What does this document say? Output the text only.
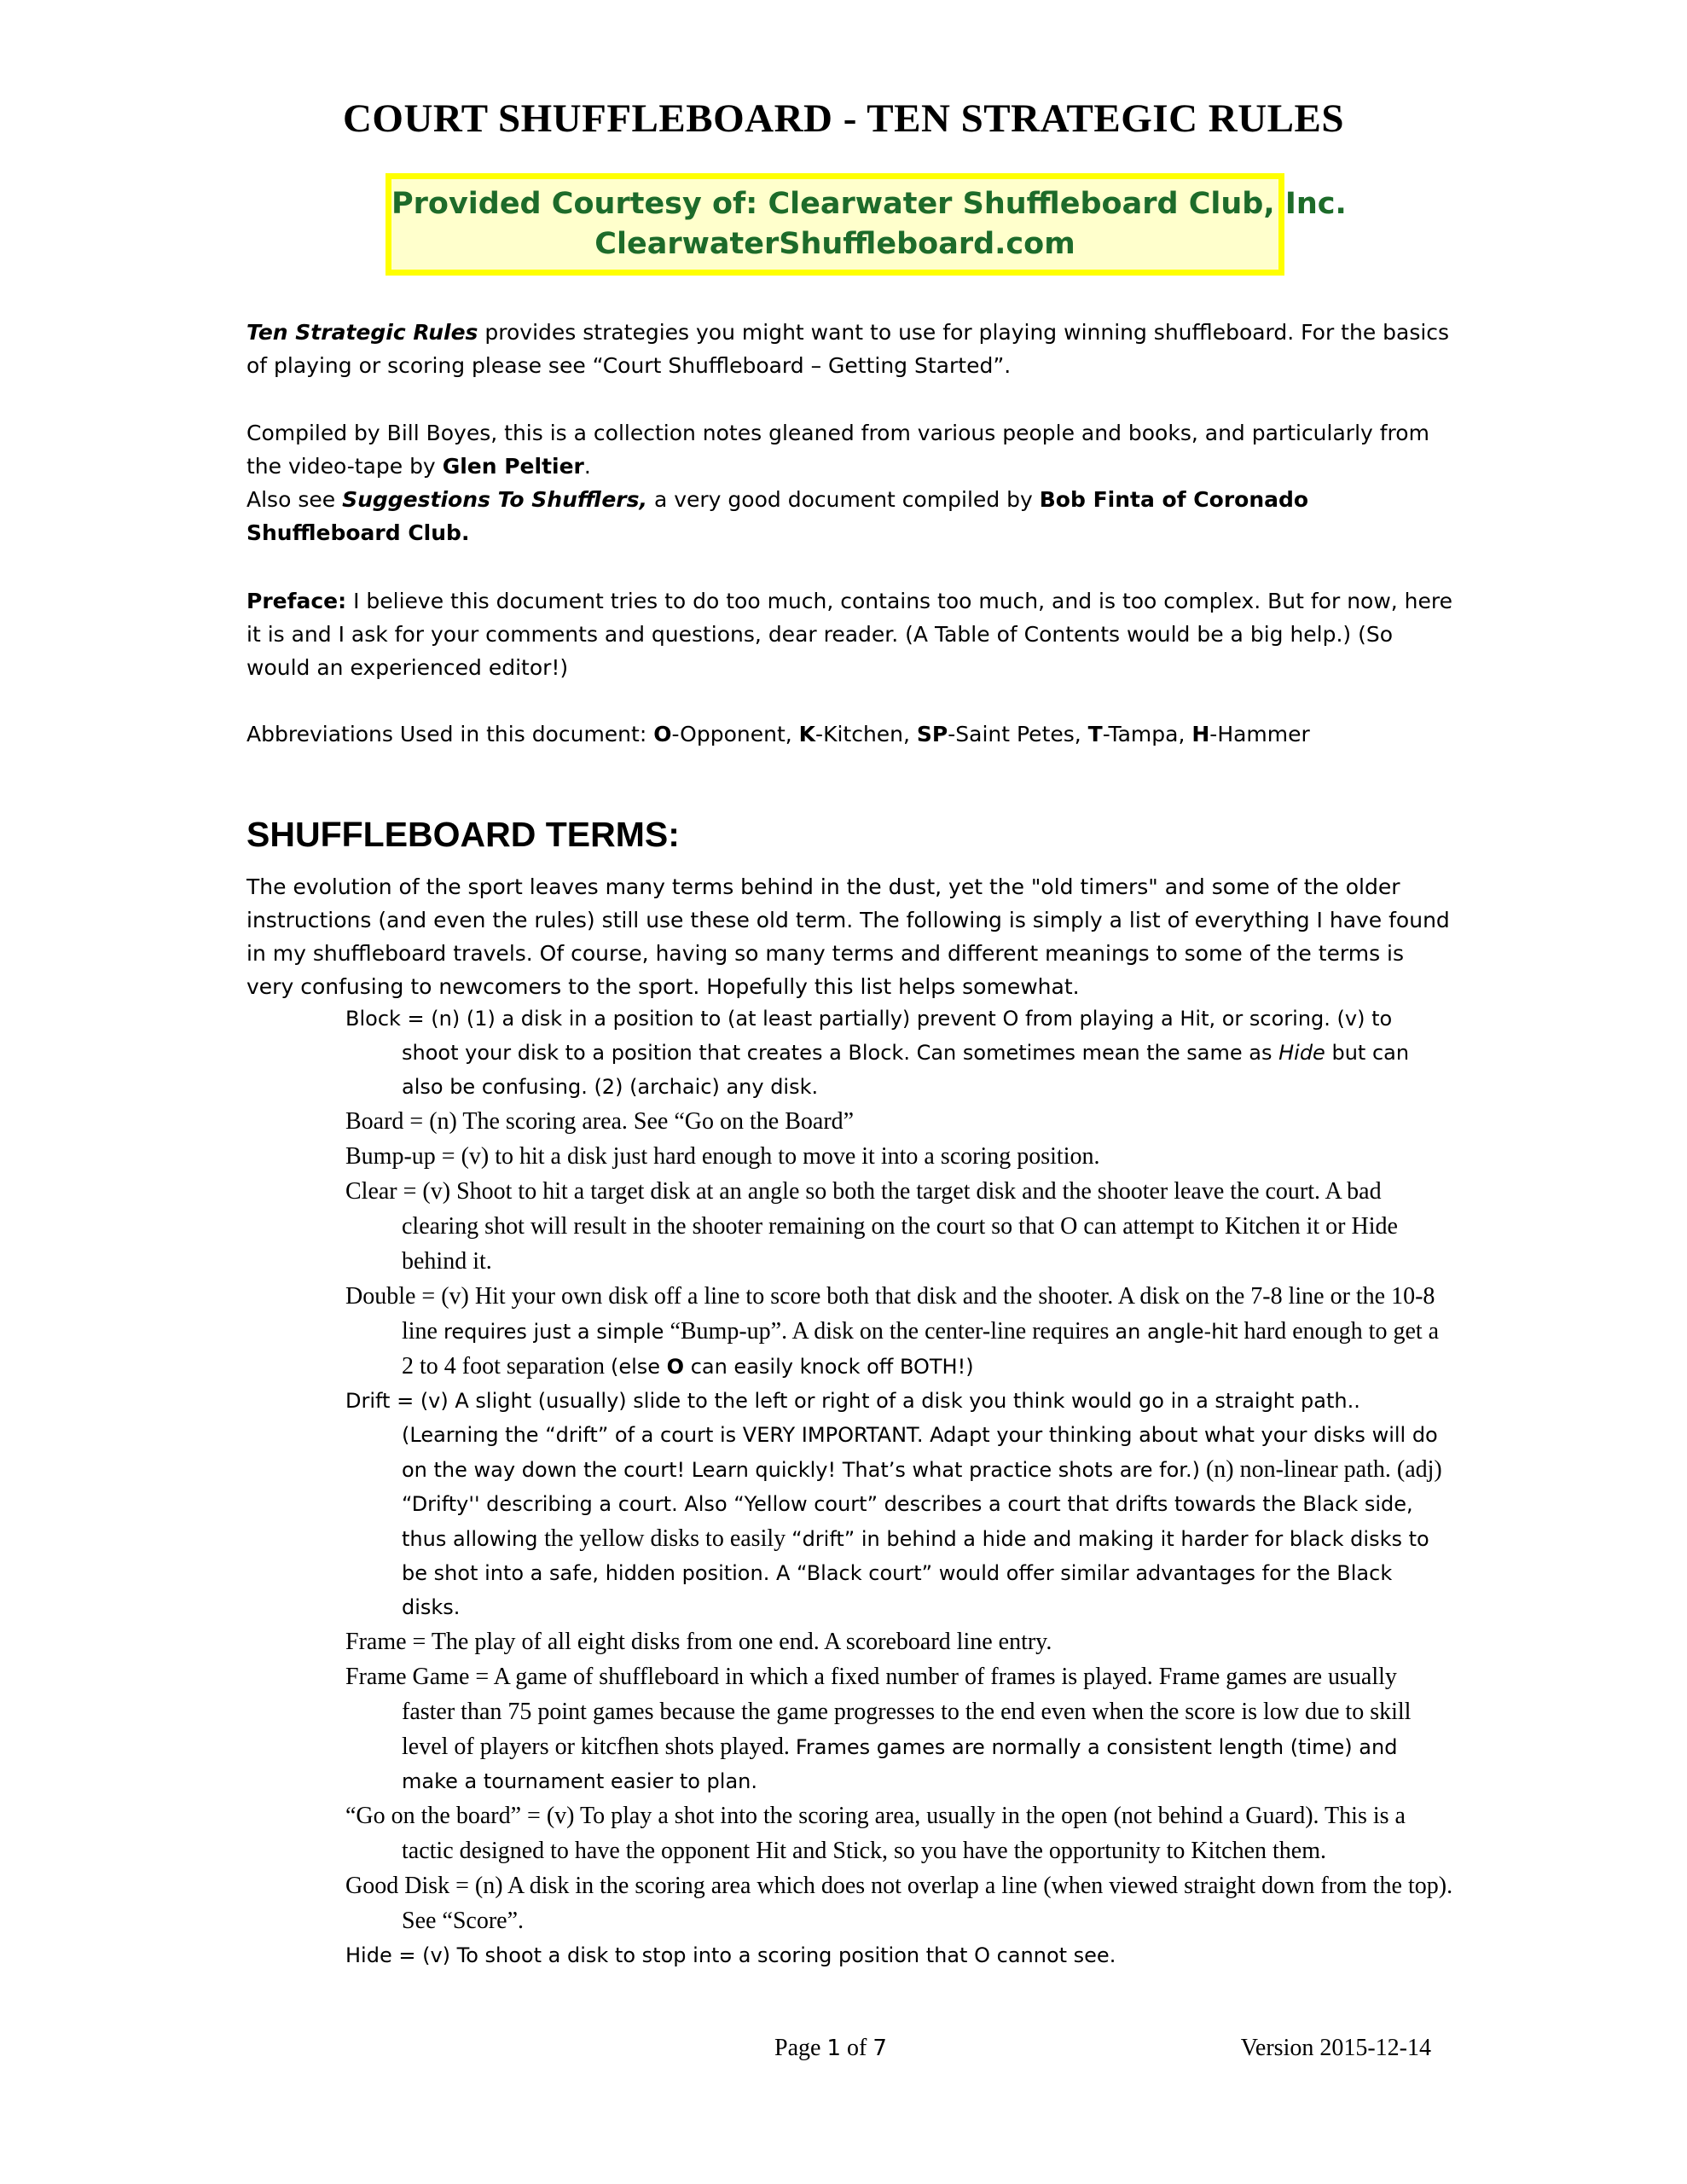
COURT SHUFFLEBOARD - TEN STRATEGIC RULES
Provided Courtesy of: Clearwater Shuffleboard Club, Inc.
ClearwaterShuffleboard.com

Ten Strategic Rules provides strategies you might want to use for playing winning shuffleboard. For the basics of playing or scoring please see “Court Shuffleboard – Getting Started”.

Compiled by Bill Boyes, this is a collection notes gleaned from various people and books, and particularly from the video-tape by Glen Peltier.

Also see Suggestions To Shufflers, a very good document compiled by Bob Finta of Coronado Shuffleboard Club.

Preface: I believe this document tries to do too much, contains too much, and is too complex. But for now, here it is and I ask for your comments and questions, dear reader. (A Table of Contents would be a big help.) (So would an experienced editor!)

Abbreviations Used in this document: O-Opponent, K-Kitchen, SP-Saint Petes, T-Tampa, H-Hammer

SHUFFLEBOARD TERMS:
The evolution of the sport leaves many terms behind in the dust, yet the "old timers" and some of the older instructions (and even the rules) still use these old term. The following is simply a list of everything I have found in my shuffleboard travels. Of course, having so many terms and different meanings to some of the terms is very confusing to newcomers to the sport. Hopefully this list helps somewhat.
Block = (n) (1) a disk in a position to (at least partially) prevent O from playing a Hit, or scoring. (v) to shoot your disk to a position that creates a Block. Can sometimes mean the same as Hide but can also be confusing. (2) (archaic) any disk.
Board = (n) The scoring area. See “Go on the Board”
Bump-up = (v) to hit a disk just hard enough to move it into a scoring position.
Clear = (v) Shoot to hit a target disk at an angle so both the target disk and the shooter leave the court. A bad clearing shot will result in the shooter remaining on the court so that O can attempt to Kitchen it or Hide behind it.
Double = (v) Hit your own disk off a line to score both that disk and the shooter. A disk on the 7-8 line or the 10-8 line requires just a simple “Bump-up”. A disk on the center-line requires an angle-hit hard enough to get a 2 to 4 foot separation (else O can easily knock off BOTH!)
Drift = (v) A slight (usually) slide to the left or right of a disk you think would go in a straight path.. (Learning the “drift” of a court is VERY IMPORTANT. Adapt your thinking about what your disks will do on the way down the court! Learn quickly! That’s what practice shots are for.) (n) non-linear path. (adj) “Drifty'' describing a court. Also “Yellow court” describes a court that drifts towards the Black side, thus allowing the yellow disks to easily “drift” in behind a hide and making it harder for black disks to be shot into a safe, hidden position. A “Black court” would offer similar advantages for the Black disks.
Frame = The play of all eight disks from one end. A scoreboard line entry.
Frame Game = A game of shuffleboard in which a fixed number of frames is played. Frame games are usually faster than 75 point games because the game progresses to the end even when the score is low due to skill level of players or kitcfhen shots played. Frames games are normally a consistent length (time) and make a tournament easier to plan.
“Go on the board” = (v) To play a shot into the scoring area, usually in the open (not behind a Guard). This is a tactic designed to have the opponent Hit and Stick, so you have the opportunity to Kitchen them.
Good Disk = (n) A disk in the scoring area which does not overlap a line (when viewed straight down from the top). See “Score”.
Hide = (v) To shoot a disk to stop into a scoring position that O cannot see.
Page 1 of 7	Version 2015-12-14
